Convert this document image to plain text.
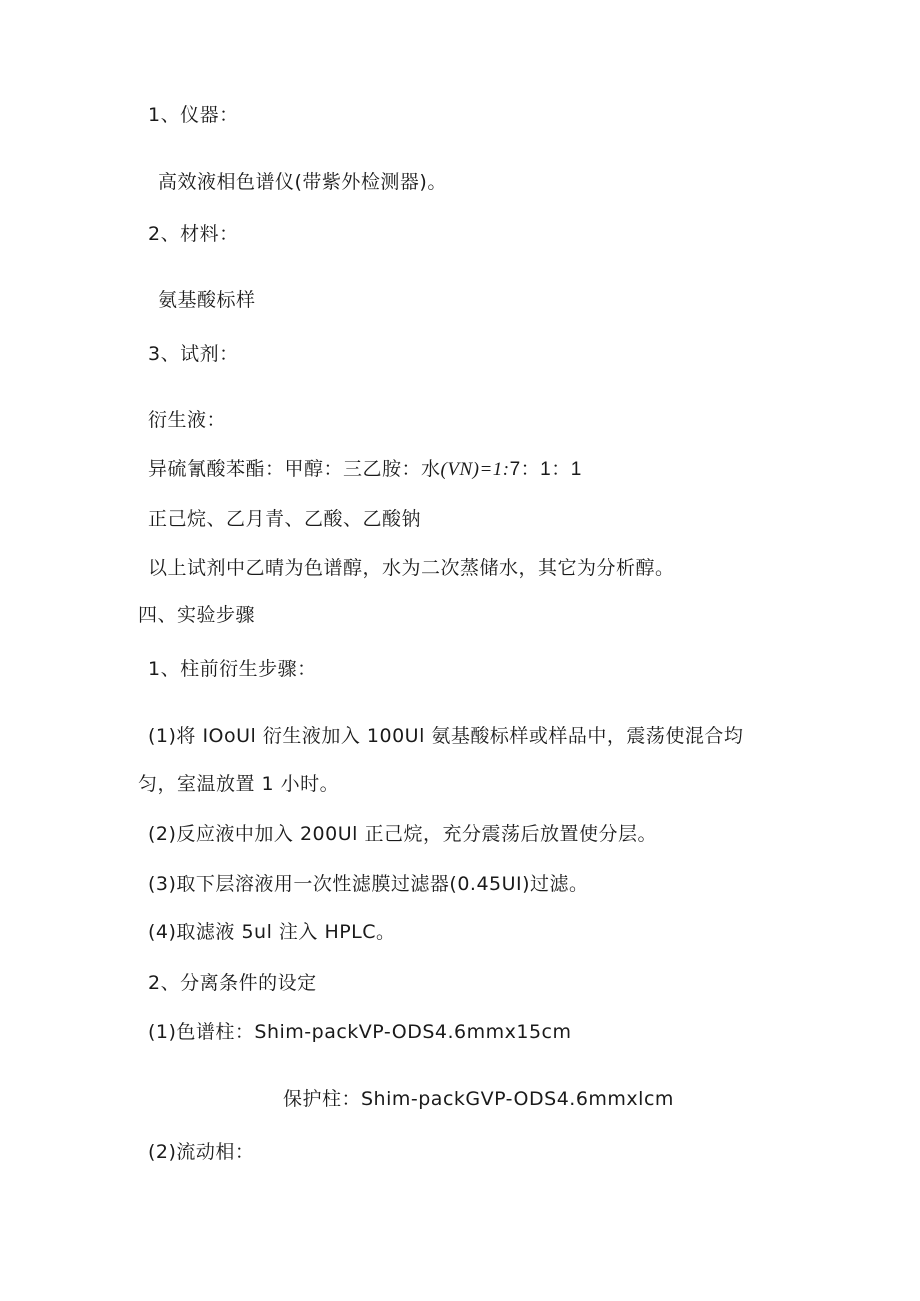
1、仪器：
高效液相色谱仪(带紫外检测器)。
2、材料：
氨基酸标样
3、试剂：
衍生液：
异硫氰酸苯酯：甲醇：三乙胺：水(VN)=1:7：1：1
正己烷、乙月青、乙酸、乙酸钠
以上试剂中乙晴为色谱醇，水为二次蒸储水，其它为分析醇。
四、实验步骤
1、柱前衍生步骤：
(1)将 IOoUl 衍生液加入 100Ul 氨基酸标样或样品中，震荡使混合均
匀，室温放置 1 小时。
(2)反应液中加入 200Ul 正己烷，充分震荡后放置使分层。
(3)取下层溶液用一次性滤膜过滤器(0.45UI)过滤。
(4)取滤液 5ul 注入 HPLC。
2、分离条件的设定
(1)色谱柱：Shim-packVP-ODS4.6mmx15cm
保护柱：Shim-packGVP-ODS4.6mmxlcm
(2)流动相：
